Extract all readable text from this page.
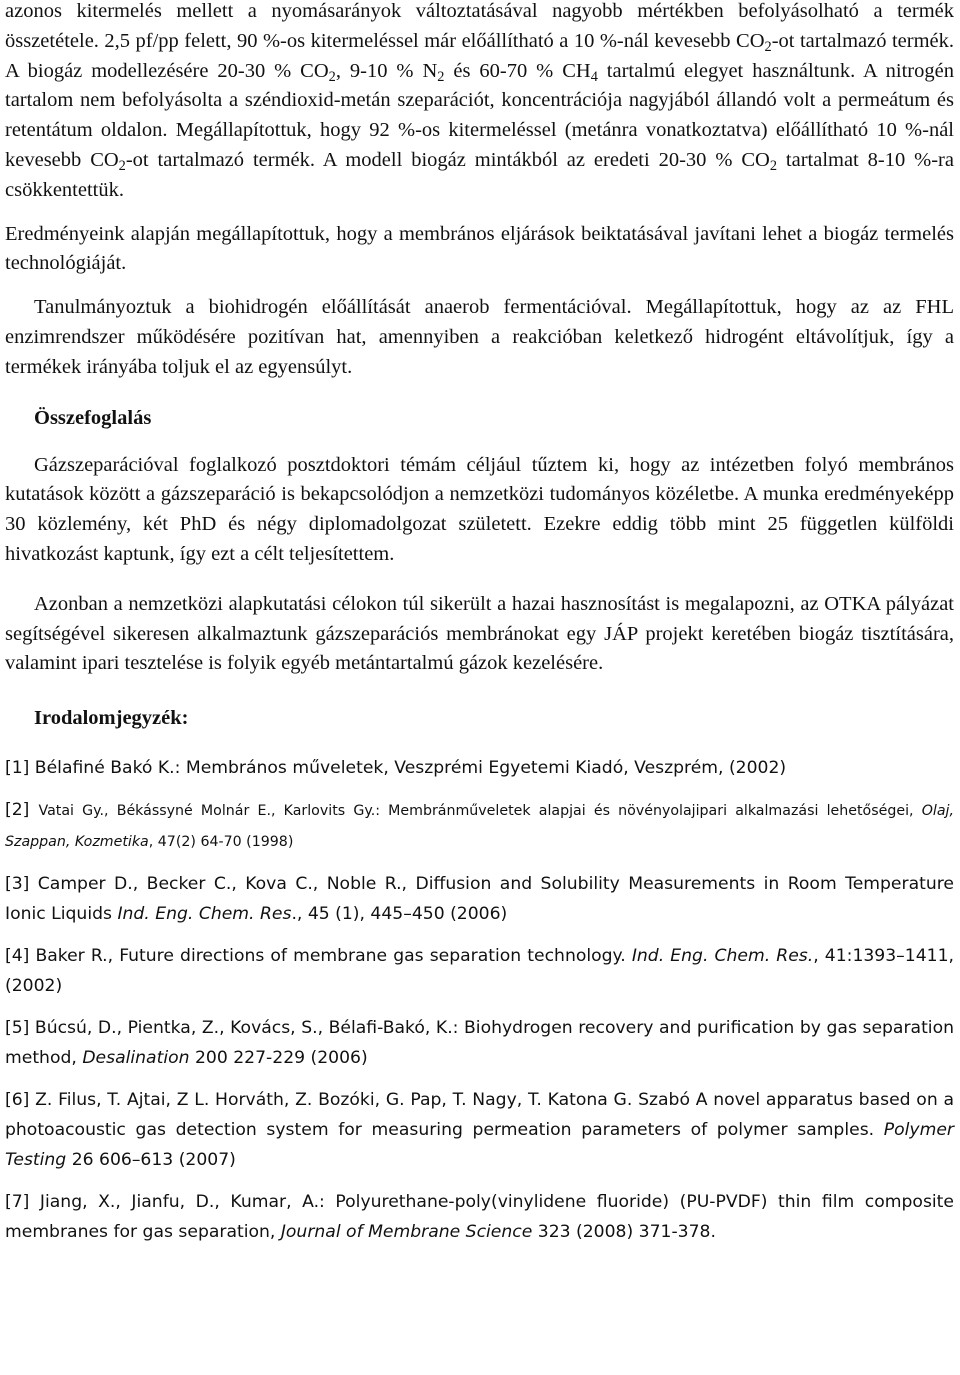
azonos kitermelés mellett a nyomásarányok változtatásával nagyobb mértékben befolyásolható a termék összetétele. 2,5 pf/pp felett, 90 %-os kitermeléssel már előállítható a 10 %-nál kevesebb $CO_2-ot$ tartalmazó termék. A biogáz modellezésére 20-30 % $CO_2$, 9-10 % $N_2$ és 60-70 % $CH_4$ tartalmú elegyet használtunk. A nitrogén tartalom nem befolyásolta a széndioxid-metán szeparációt, koncentrációja nagyjából állandó volt a permeátum és retentátum oldalon. Megállapítottuk, hogy 92 %-os kitermeléssel (metánra vonatkoztatva) előállítható 10 %-nál kevesebb $CO_2-ot$ tartalmazó termék. A modell biogáz mintákból az eredeti 20-30 % $CO_2$ tartalmat 8-10 %-ra csökkentettük.

Eredményeink alapján megállapítottuk, hogy a membrános eljárások beiktatásával javítani lehet a biogáz termelés technológiáját.

Tanulmányoztuk a biohidrogén előállítását anaerob fermentációval. Megállapítottuk, hogy az az FHL enzimrendszer működésére pozitívan hat, amennyiben a reakcióban keletkező hidrogént eltávolítjuk, így a termékek irányába toljuk el az egyensúlyt.

Összefoglalás

Gázszeparációval foglalkozó posztdoktori témám céljául tűztem ki, hogy az intézetben folyó membrános kutatások között a gázszeparáció is bekapcsolódjon a nemzetközi tudományos közéletbe. A munka eredményeképp 30 közlemény, két PhD és négy diplomadolgozat született. Ezekre eddig több mint 25 független külföldi hivatkozást kaptunk, így ezt a célt teljesítettem.

Azonban a nemzetközi alapkutatási célokon túl sikerült a hazai hasznosítást is megalapozni, az OTKA pályázat segítségével sikeresen alkalmaztunk gázszeparációs membránokat egy JÁP projekt keretében biogáz tisztítására, valamint ipari tesztelése is folyik egyéb metántartalmú gázok kezelésére.

Irodalomjegyzék:
[1] Bélafiné Bakó K.: Membrános műveletek, Veszprémi Egyetemi Kiadó, Veszprém, (2002)
[2] Vatai Gy., Békássyné Molnár E., Karlovits Gy.: Membránműveletek alapjai és növényolajipari alkalmazási lehetőségei, Olaj, Szappan, Kozmetika, 47(2) 64-70 (1998)
[3] Camper D., Becker C., Kova C., Noble R., Diffusion and Solubility Measurements in Room Temperature Ionic Liquids Ind. Eng. Chem. Res., 45 (1), 445–450 (2006)
[4] Baker R., Future directions of membrane gas separation technology. Ind. Eng. Chem. Res., 41:1393–1411, (2002)
[5] Búcsú, D., Pientka, Z., Kovács, S., Bélafi-Bakó, K.: Biohydrogen recovery and purification by gas separation method, Desalination 200 227-229 (2006)
[6] Z. Filus, T. Ajtai, Z L. Horváth, Z. Bozóki, G. Pap, T. Nagy, T. Katona G. Szabó A novel apparatus based on a photoacoustic gas detection system for measuring permeation parameters of polymer samples. Polymer Testing 26 606–613 (2007)
[7] Jiang, X., Jianfu, D., Kumar, A.: Polyurethane-poly(vinylidene fluoride) (PU-PVDF) thin film composite membranes for gas separation, Journal of Membrane Science 323 (2008) 371-378.
